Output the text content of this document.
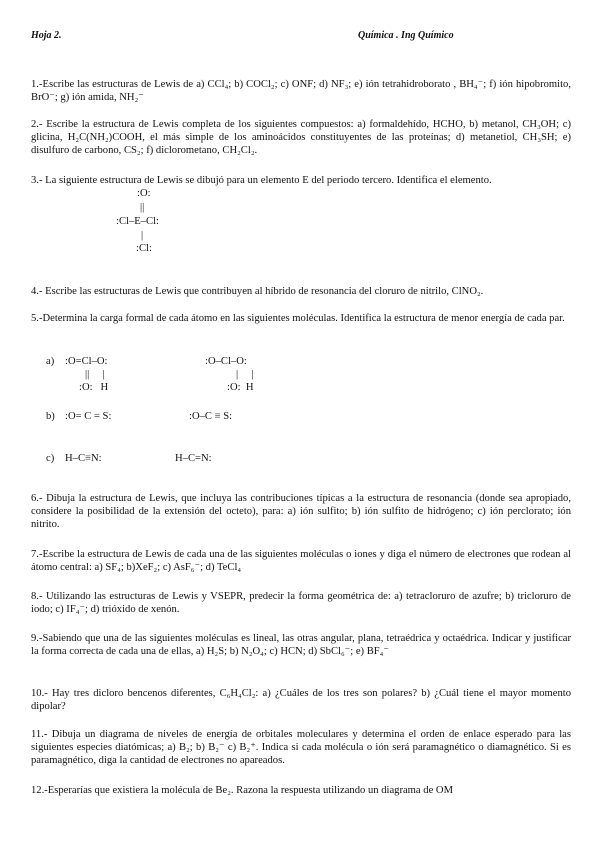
Hoja 2.	Química . Ing Químico
1.-Escribe las estructuras de Lewis de a) CCl₄; b) COCl₂; c) ONF; d) NF₃; e) ión tetrahidroborato , BH₄⁻; f) ión hipobromito, BrO⁻; g) ión amida, NH₂⁻
2.- Escribe la estructura de Lewis completa de los siguientes compuestos: a) formaldehído, HCHO, b) metanol, CH₃OH; c) glicina, H₂C(NH₂)COOH, el más simple de los aminoácidos constituyentes de las proteínas; d) metanetiol, CH₃SH; e) disulfuro de carbono, CS₂; f) diclorometano, CH₂Cl₂.
3.- La siguiente estructura de Lewis se dibujó para un elemento E del periodo tercero. Identifica el elemento.
:O:
||
:Cl–E–Cl:
|
:Cl:
4.- Escribe las estructuras de Lewis que contribuyen al híbrido de resonancia del cloruro de nitrilo, ClNO₂.
5.-Determina la carga formal de cada átomo en las siguientes moléculas. Identifica la estructura de menor energía de cada par.
a) :O=Cl–O:
||     |
:O:   H
:O–Cl–O:
|     |
:O:  H
b) :O= C = S:	:O–C ≡ S:
c) H–C≡N:	H–C=N:
6.- Dibuja la estructura de Lewis, que incluya las contribuciones típicas a la estructura de resonancia (donde sea apropiado, considere la posibilidad de la extensión del octeto), para: a) ión sulfito; b) ión sulfito de hidrógeno; c) ión perclorato; ión nitrito.
7.-Escribe la estructura de Lewis de cada una de las siguientes moléculas o iones y diga el número de electrones que rodean al átomo central: a) SF₄; b)XeF₂; c) AsF₆⁻; d) TeCl₄
8.- Utilizando las estructuras de Lewis y VSEPR, predecir la forma geométrica de: a) tetracloruro de azufre; b) tricloruro de iodo; c) IF₄⁻; d) trióxido de xenón.
9.-Sabiendo que una de las siguientes moléculas es lineal, las otras angular, plana, tetraédrica y octaédrica. Indicar y justificar la forma correcta de cada una de ellas, a) H₂S; b) N₂O₄; c) HCN; d) SbCl₆⁻; e) BF₄⁻
10.- Hay tres dicloro bencenos diferentes, C₆H₄Cl₂: a) ¿Cuáles de los tres son polares? b) ¿Cuál tiene el mayor momento dipolar?
11.- Dibuja un diagrama de niveles de energía de orbitales moleculares y determina el orden de enlace esperado para las siguientes especies diatómicas; a) B₂; b) B₂⁻ c) B₂⁺. Indica si cada molécula o ión será paramagnético o diamagnético. Si es paramagnético, diga la cantidad de electrones no apareados.
12.-Esperarías que existiera la molécula de Be₂. Razona la respuesta utilizando un diagrama de OM
